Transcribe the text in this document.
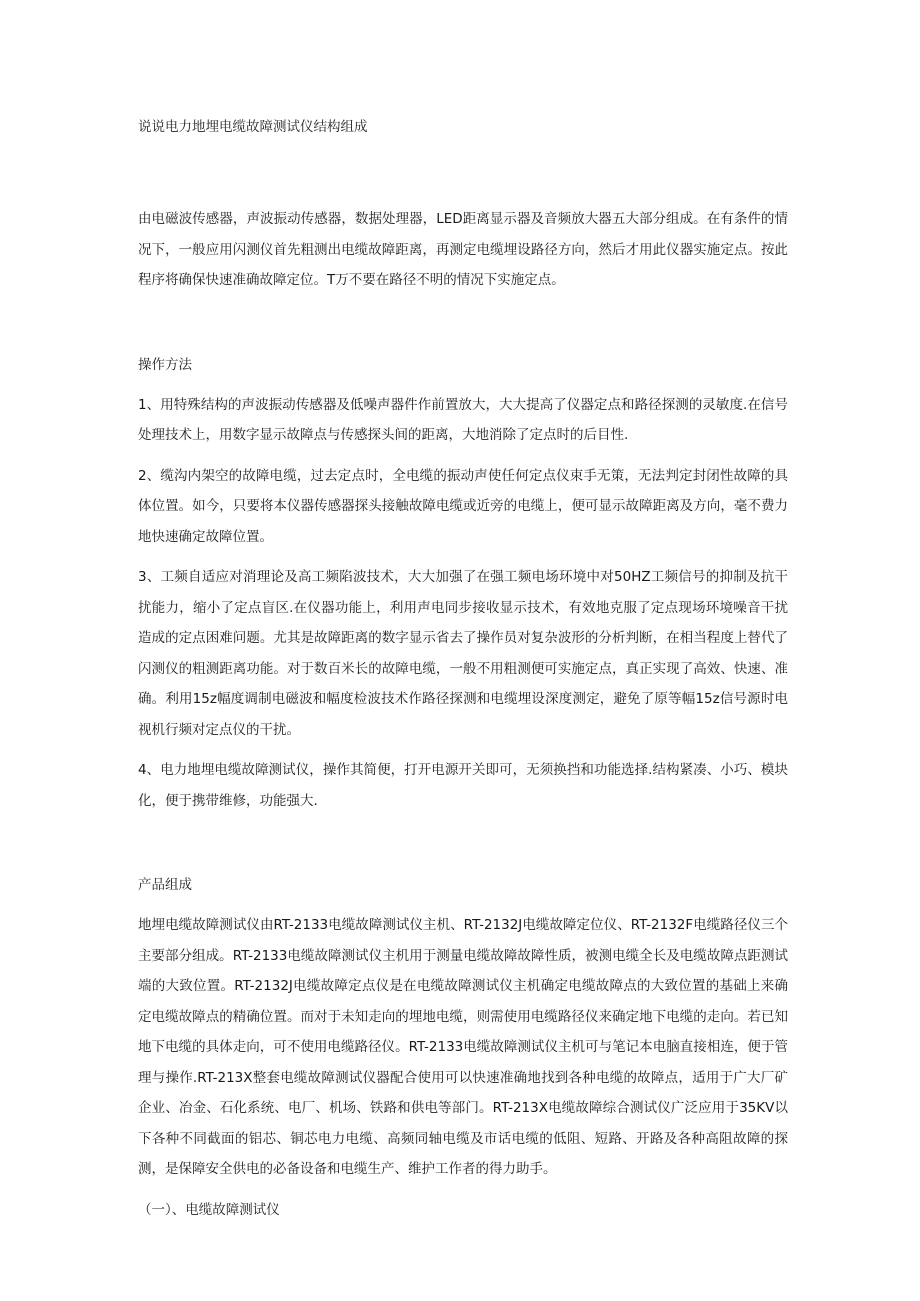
说说电力地埋电缆故障测试仪结构组成

由电磁波传感器，声波振动传感器，数据处理器，LED距离显示器及音频放大器五大部分组成。在有条件的情况下，一般应用闪测仪首先粗测出电缆故障距离，再测定电缆埋设路径方向，然后才用此仪器实施定点。按此程序将确保快速准确故障定位。T万不要在路径不明的情况下实施定点。

操作方法

1、用特殊结构的声波振动传感器及低噪声器件作前置放大，大大提高了仪器定点和路径探测的灵敏度.在信号处理技术上，用数字显示故障点与传感探头间的距离，大地消除了定点时的后目性.

2、缆沟内架空的故障电缆，过去定点时，全电缆的振动声使任何定点仪束手无策，无法判定封闭性故障的具体位置。如今，只要将本仪器传感器探头接触故障电缆或近旁的电缆上，便可显示故障距离及方向，毫不费力地快速确定故障位置。

3、工频自适应对消理论及高工频陷波技术，大大加强了在强工频电场环境中对50HZ工频信号的抑制及抗干扰能力，缩小了定点盲区.在仪器功能上，利用声电同步接收显示技术，有效地克服了定点现场环境噪音干扰造成的定点困难问题。尤其是故障距离的数字显示省去了操作员对复杂波形的分析判断，在相当程度上替代了闪测仪的粗测距离功能。对于数百米长的故障电缆，一般不用粗测便可实施定点，真正实现了高效、快速、准确。利用15z幅度调制电磁波和幅度检波技术作路径探测和电缆埋设深度测定，避免了原等幅15z信号源时电视机行频对定点仪的干扰。

4、电力地埋电缆故障测试仪，操作其简便，打开电源开关即可，无须换挡和功能选择.结构紧凑、小巧、模块化，便于携带维修，功能强大.

产品组成

地埋电缆故障测试仪由RT-2133电缆故障测试仪主机、RT-2132J电缆故障定位仪、RT-2132F电缆路径仪三个主要部分组成。RT-2133电缆故障测试仪主机用于测量电缆故障故障性质，被测电缆全长及电缆故障点距测试端的大致位置。RT-2132J电缆故障定点仪是在电缆故障测试仪主机确定电缆故障点的大致位置的基础上来确定电缆故障点的精确位置。而对于未知走向的埋地电缆，则需使用电缆路径仪来确定地下电缆的走向。若已知地下电缆的具体走向，可不使用电缆路径仪。RT-2133电缆故障测试仪主机可与笔记本电脑直接相连，便于管理与操作.RT-213X整套电缆故障测试仪器配合使用可以快速准确地找到各种电缆的故障点，适用于广大厂矿企业、冶金、石化系统、电厂、机场、铁路和供电等部门。RT-213X电缆故障综合测试仪广泛应用于35KV以下各种不同截面的铝芯、铜芯电力电缆、高频同轴电缆及市话电缆的低阻、短路、开路及各种高阻故障的探测，是保障安全供电的必备设备和电缆生产、维护工作者的得力助手。

（一）、电缆故障测试仪
